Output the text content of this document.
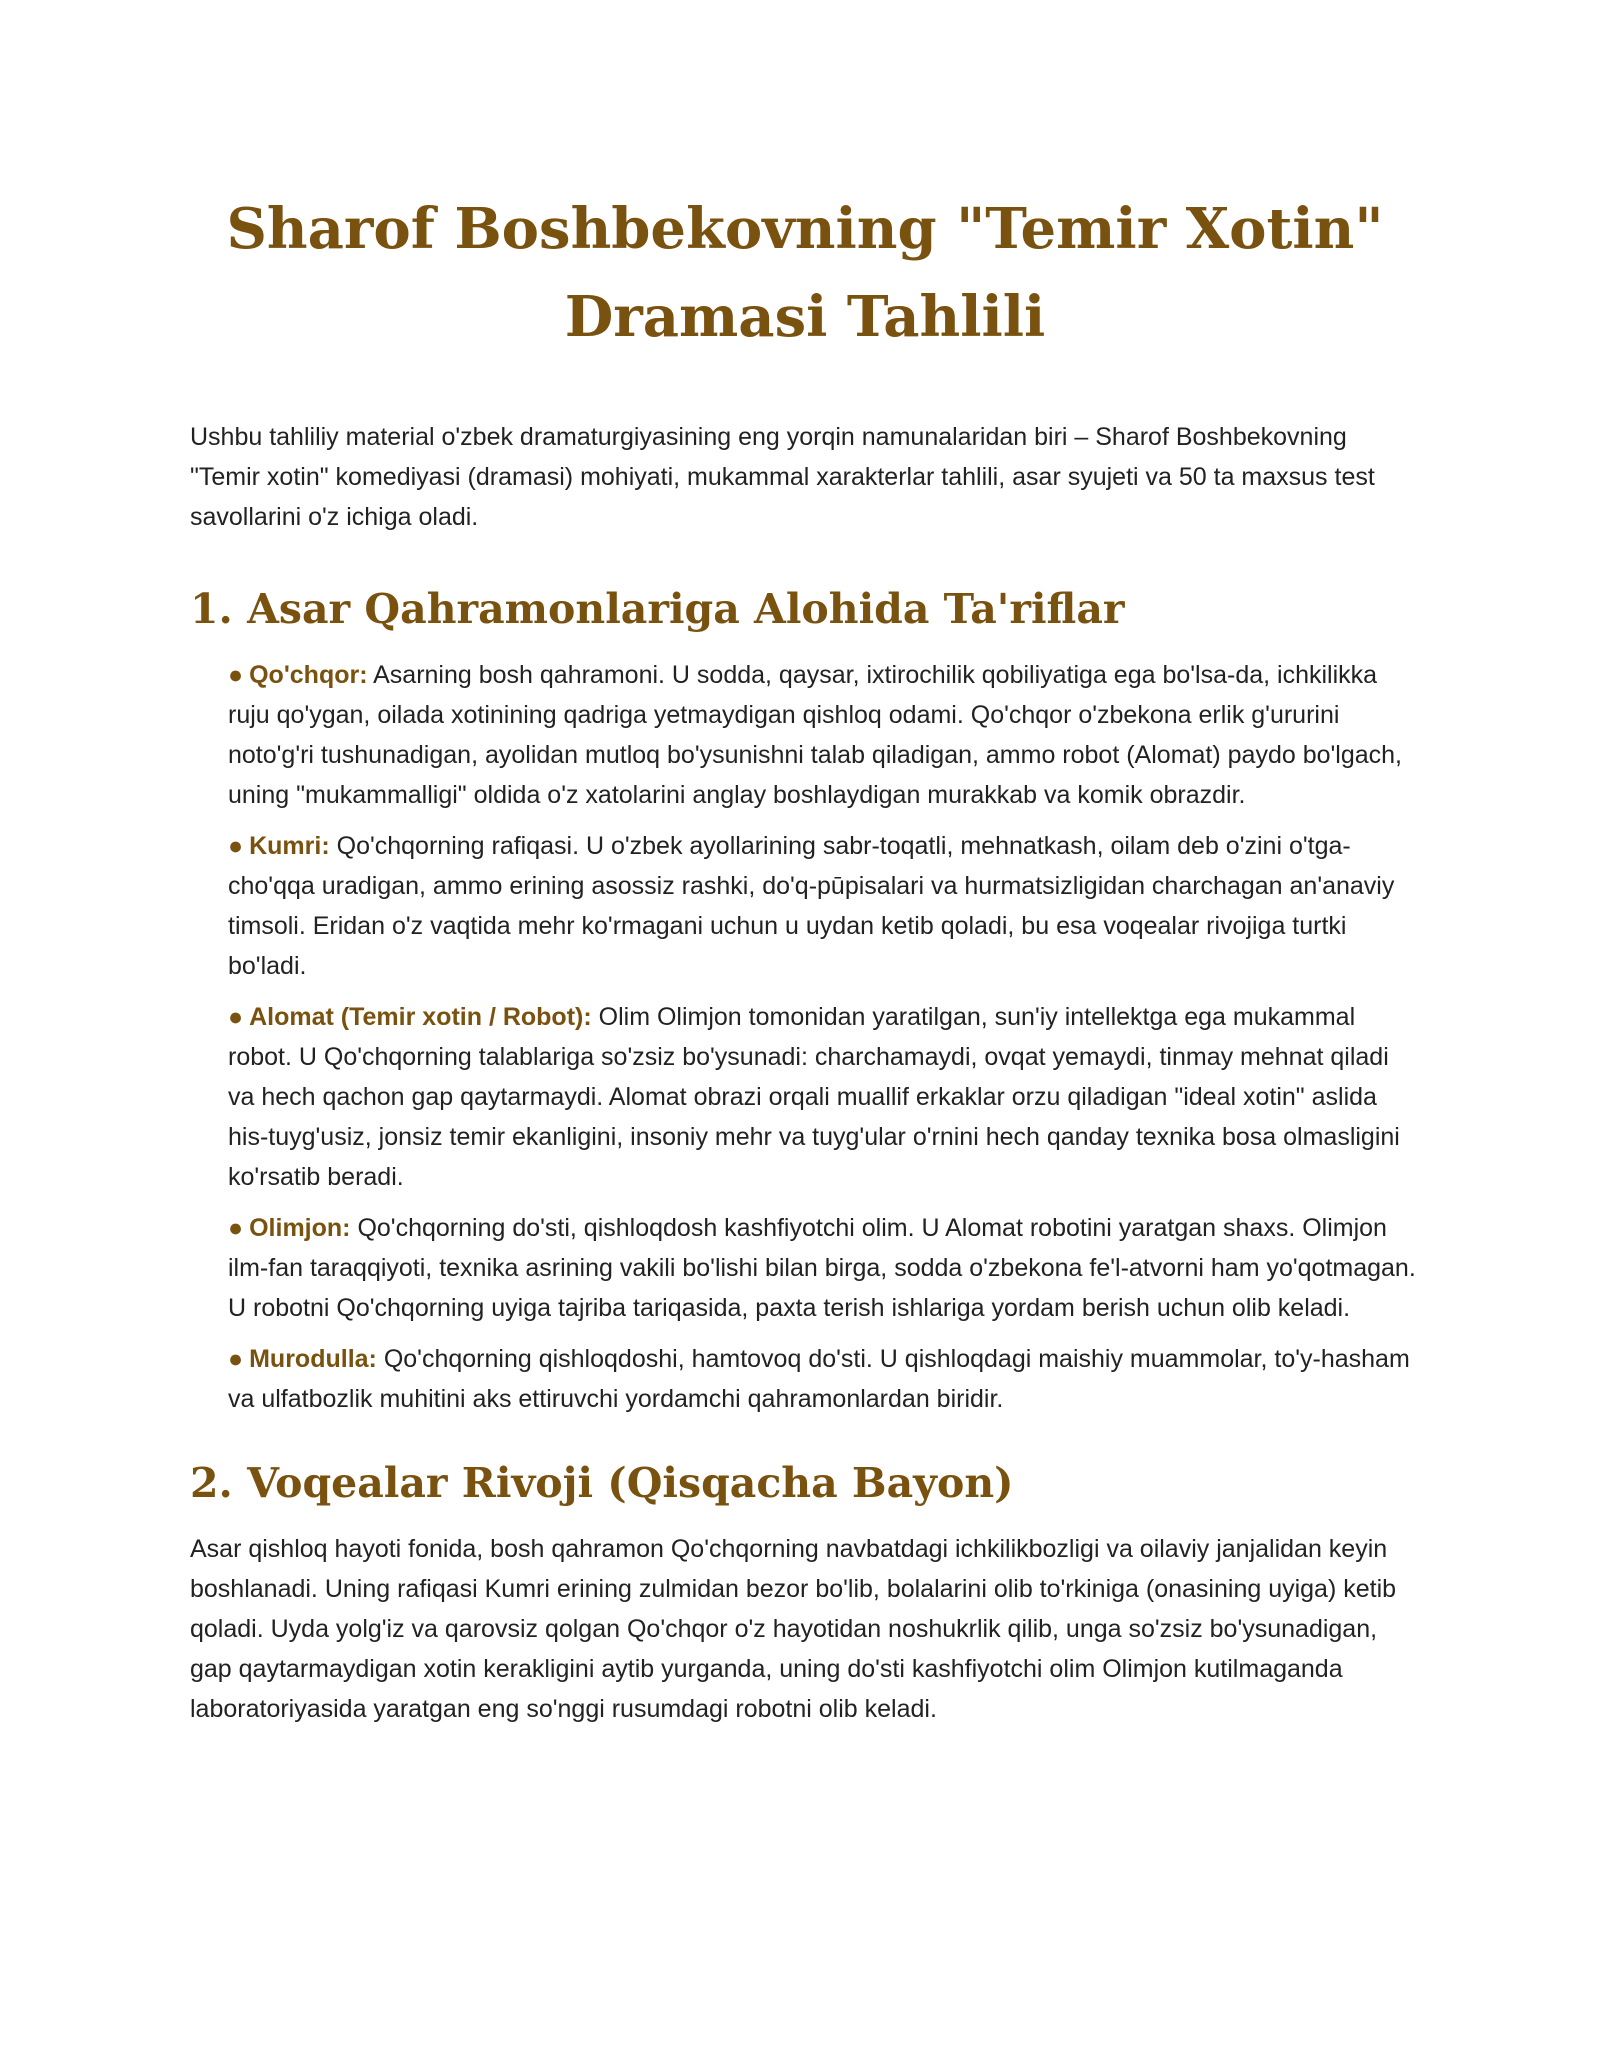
Sharof Boshbekovning "Temir Xotin" Dramasi Tahlili

Ushbu tahliliy material o'zbek dramaturgiyasining eng yorqin namunalaridan biri – Sharof Boshbekovning "Temir xotin" komediyasi (dramasi) mohiyati, mukammal xarakterlar tahlili, asar syujeti va 50 ta maxsus test savollarini o'z ichiga oladi.

1. Asar Qahramonlariga Alohida Ta'riflar
● Qo'chqor: Asarning bosh qahramoni. U sodda, qaysar, ixtirochilik qobiliyatiga ega bo'lsa-da, ichkilikka ruju qo'ygan, oilada xotinining qadriga yetmaydigan qishloq odami. Qo'chqor o'zbekona erlik g'ururini noto'g'ri tushunadigan, ayolidan mutloq bo'ysunishni talab qiladigan, ammo robot (Alomat) paydo bo'lgach, uning "mukammalligi" oldida o'z xatolarini anglay boshlaydigan murakkab va komik obrazdir.
● Kumri: Qo'chqorning rafiqasi. U o'zbek ayollarining sabr-toqatli, mehnatkash, oilam deb o'zini o'tga-cho'qqa uradigan, ammo erining asossiz rashki, do'q-pūpisalari va hurmatsizligidan charchagan an'anaviy timsoli. Eridan o'z vaqtida mehr ko'rmagani uchun u uydan ketib qoladi, bu esa voqealar rivojiga turtki bo'ladi.
● Alomat (Temir xotin / Robot): Olim Olimjon tomonidan yaratilgan, sun'iy intellektga ega mukammal robot. U Qo'chqorning talablariga so'zsiz bo'ysunadi: charchamaydi, ovqat yemaydi, tinmay mehnat qiladi va hech qachon gap qaytarmaydi. Alomat obrazi orqali muallif erkaklar orzu qiladigan "ideal xotin" aslida his-tuyg'usiz, jonsiz temir ekanligini, insoniy mehr va tuyg'ular o'rnini hech qanday texnika bosa olmasligini ko'rsatib beradi.
● Olimjon: Qo'chqorning do'sti, qishloqdosh kashfiyotchi olim. U Alomat robotini yaratgan shaxs. Olimjon ilm-fan taraqqiyoti, texnika asrining vakili bo'lishi bilan birga, sodda o'zbekona fe'l-atvorni ham yo'qotmagan. U robotni Qo'chqorning uyiga tajriba tariqasida, paxta terish ishlariga yordam berish uchun olib keladi.
● Murodulla: Qo'chqorning qishloqdoshi, hamtovoq do'sti. U qishloqdagi maishiy muammolar, to'y-hasham va ulfatbozlik muhitini aks ettiruvchi yordamchi qahramonlardan biridir.
2. Voqealar Rivoji (Qisqacha Bayon)

Asar qishloq hayoti fonida, bosh qahramon Qo'chqorning navbatdagi ichkilikbozligi va oilaviy janjalidan keyin boshlanadi. Uning rafiqasi Kumri erining zulmidan bezor bo'lib, bolalarini olib to'rkiniga (onasining uyiga) ketib qoladi. Uyda yolg'iz va qarovsiz qolgan Qo'chqor o'z hayotidan noshukrlik qilib, unga so'zsiz bo'ysunadigan, gap qaytarmaydigan xotin kerakligini aytib yurganda, uning do'sti kashfiyotchi olim Olimjon kutilmaganda laboratoriyasida yaratgan eng so'nggi rusumdagi robotni olib keladi.
